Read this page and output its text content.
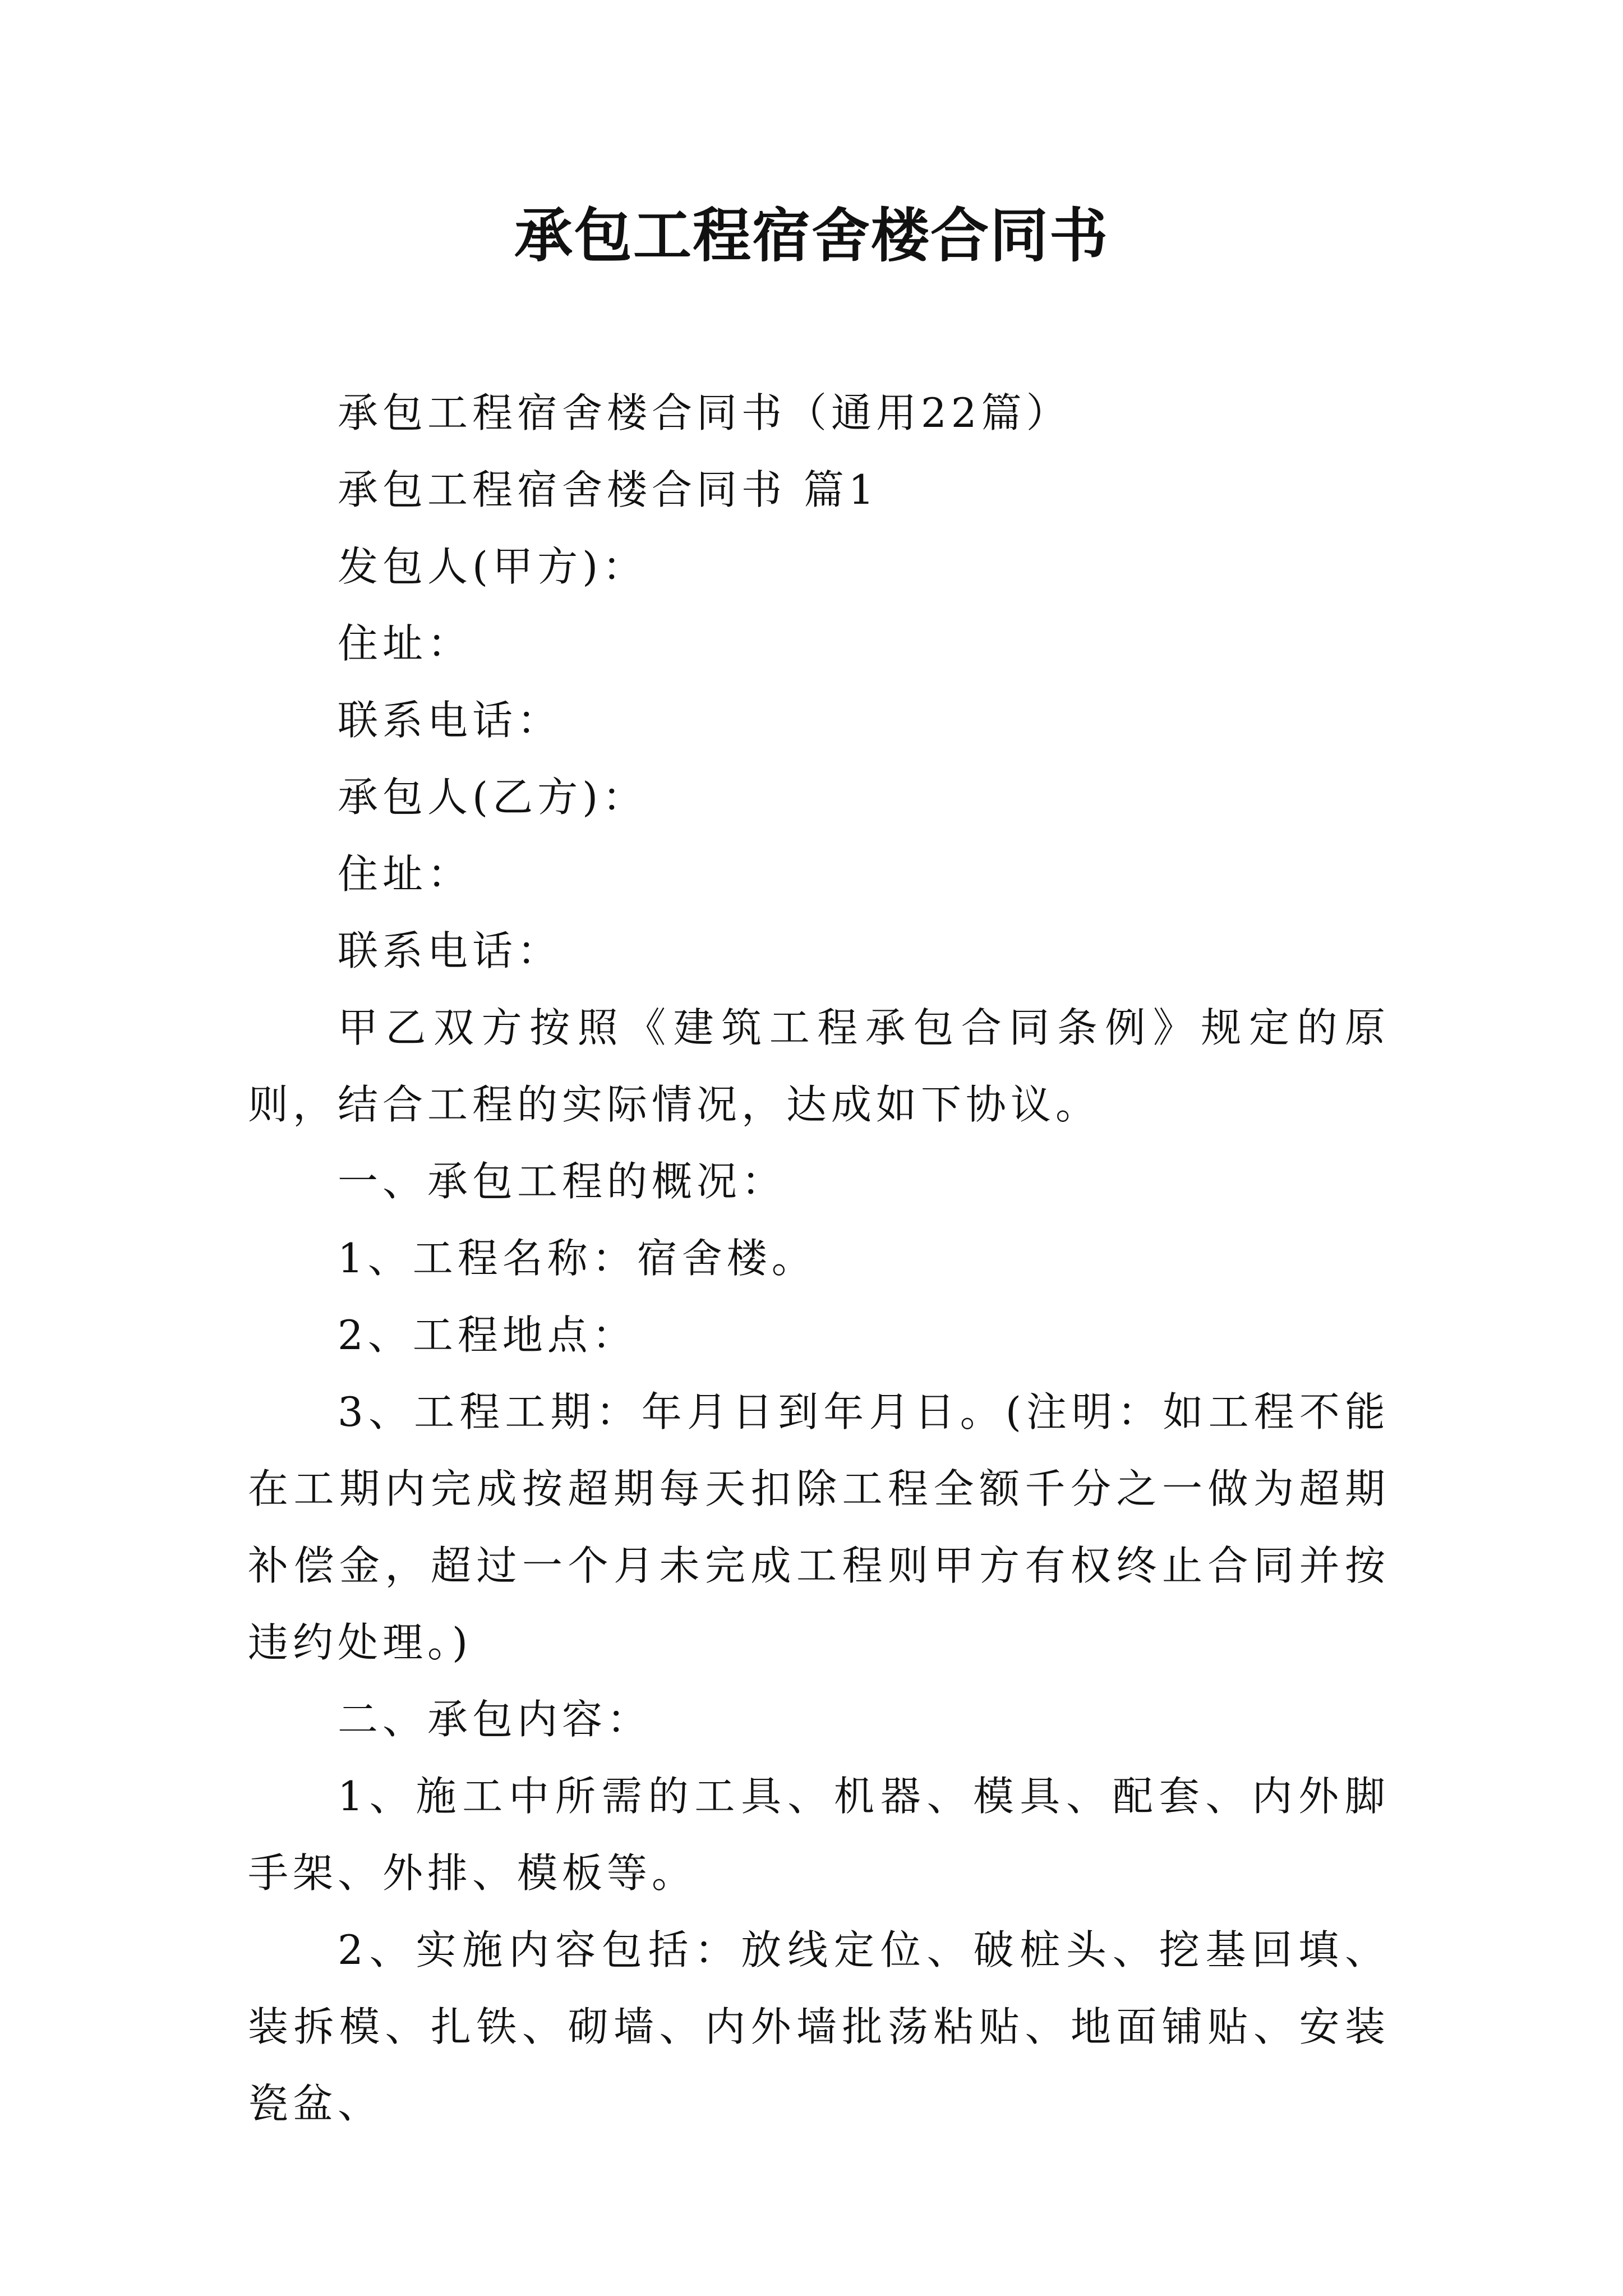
承包工程宿舍楼合同书

承包工程宿舍楼合同书（通用22篇）

承包工程宿舍楼合同书 篇1

发包人(甲方)：

住址：

联系电话：

承包人(乙方)：

住址：

联系电话：

甲乙双方按照《建筑工程承包合同条例》规定的原则，结合工程的实际情况，达成如下协议。

一、承包工程的概况：

1、工程名称：宿舍楼。

2、工程地点：

3、工程工期：年月日到年月日。(注明：如工程不能在工期内完成按超期每天扣除工程全额千分之一做为超期补偿金，超过一个月未完成工程则甲方有权终止合同并按违约处理。)

二、承包内容：

1、施工中所需的工具、机器、模具、配套、内外脚手架、外排、模板等。

2、实施内容包括：放线定位、破桩头、挖基回填、装拆模、扎铁、砌墙、内外墙批荡粘贴、地面铺贴、安装瓷盆、
